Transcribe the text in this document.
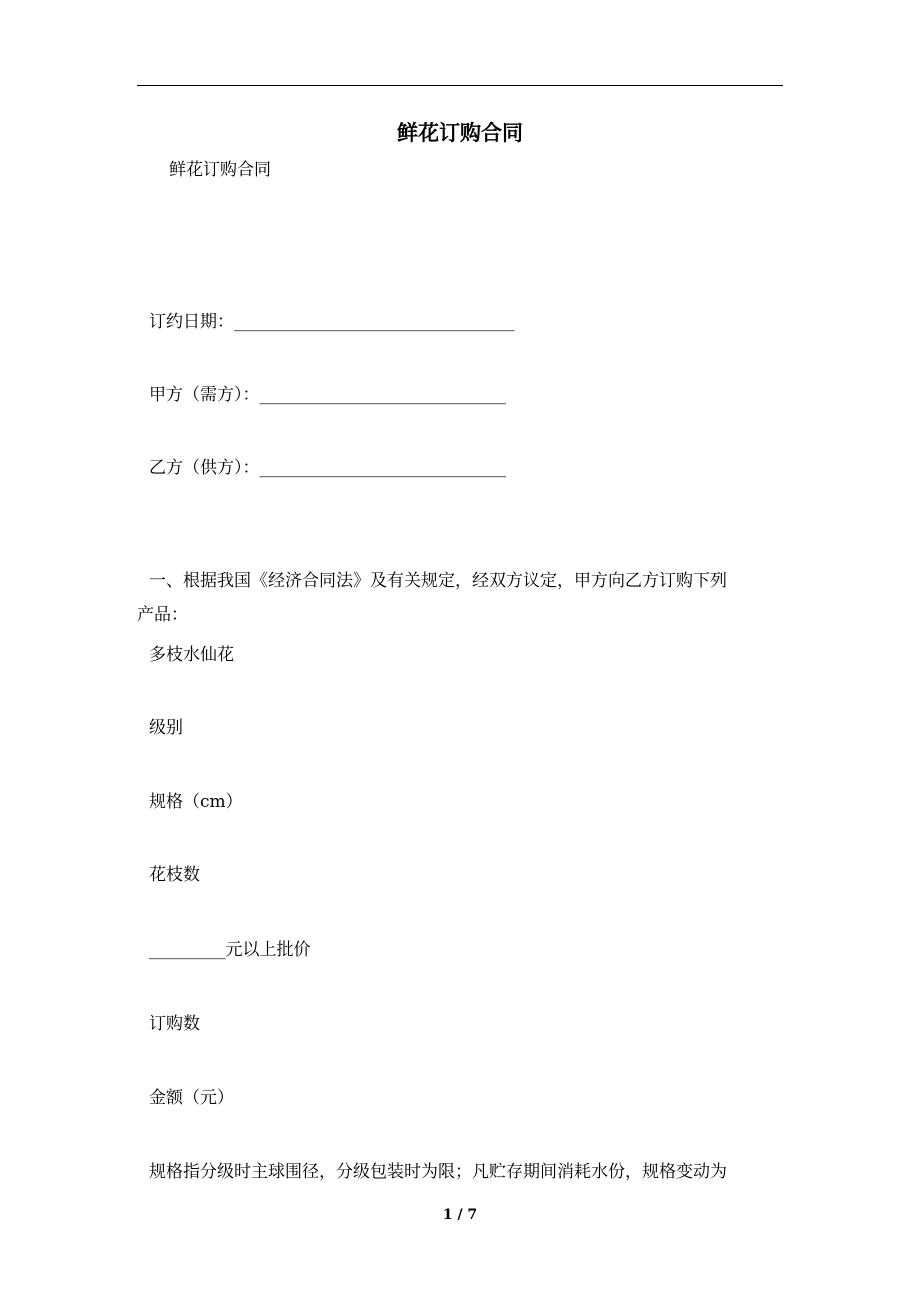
鲜花订购合同
鲜花订购合同
订约日期：_________________________________
甲方（需方）：_____________________________
乙方（供方）：_____________________________
一、根据我国《经济合同法》及有关规定，经双方议定，甲方向乙方订购下列
产品：
多枝水仙花
级别
规格（cm）
花枝数
_________元以上批价
订购数
金额（元）
规格指分级时主球围径，分级包装时为限；凡贮存期间消耗水份，规格变动为
1 / 7
